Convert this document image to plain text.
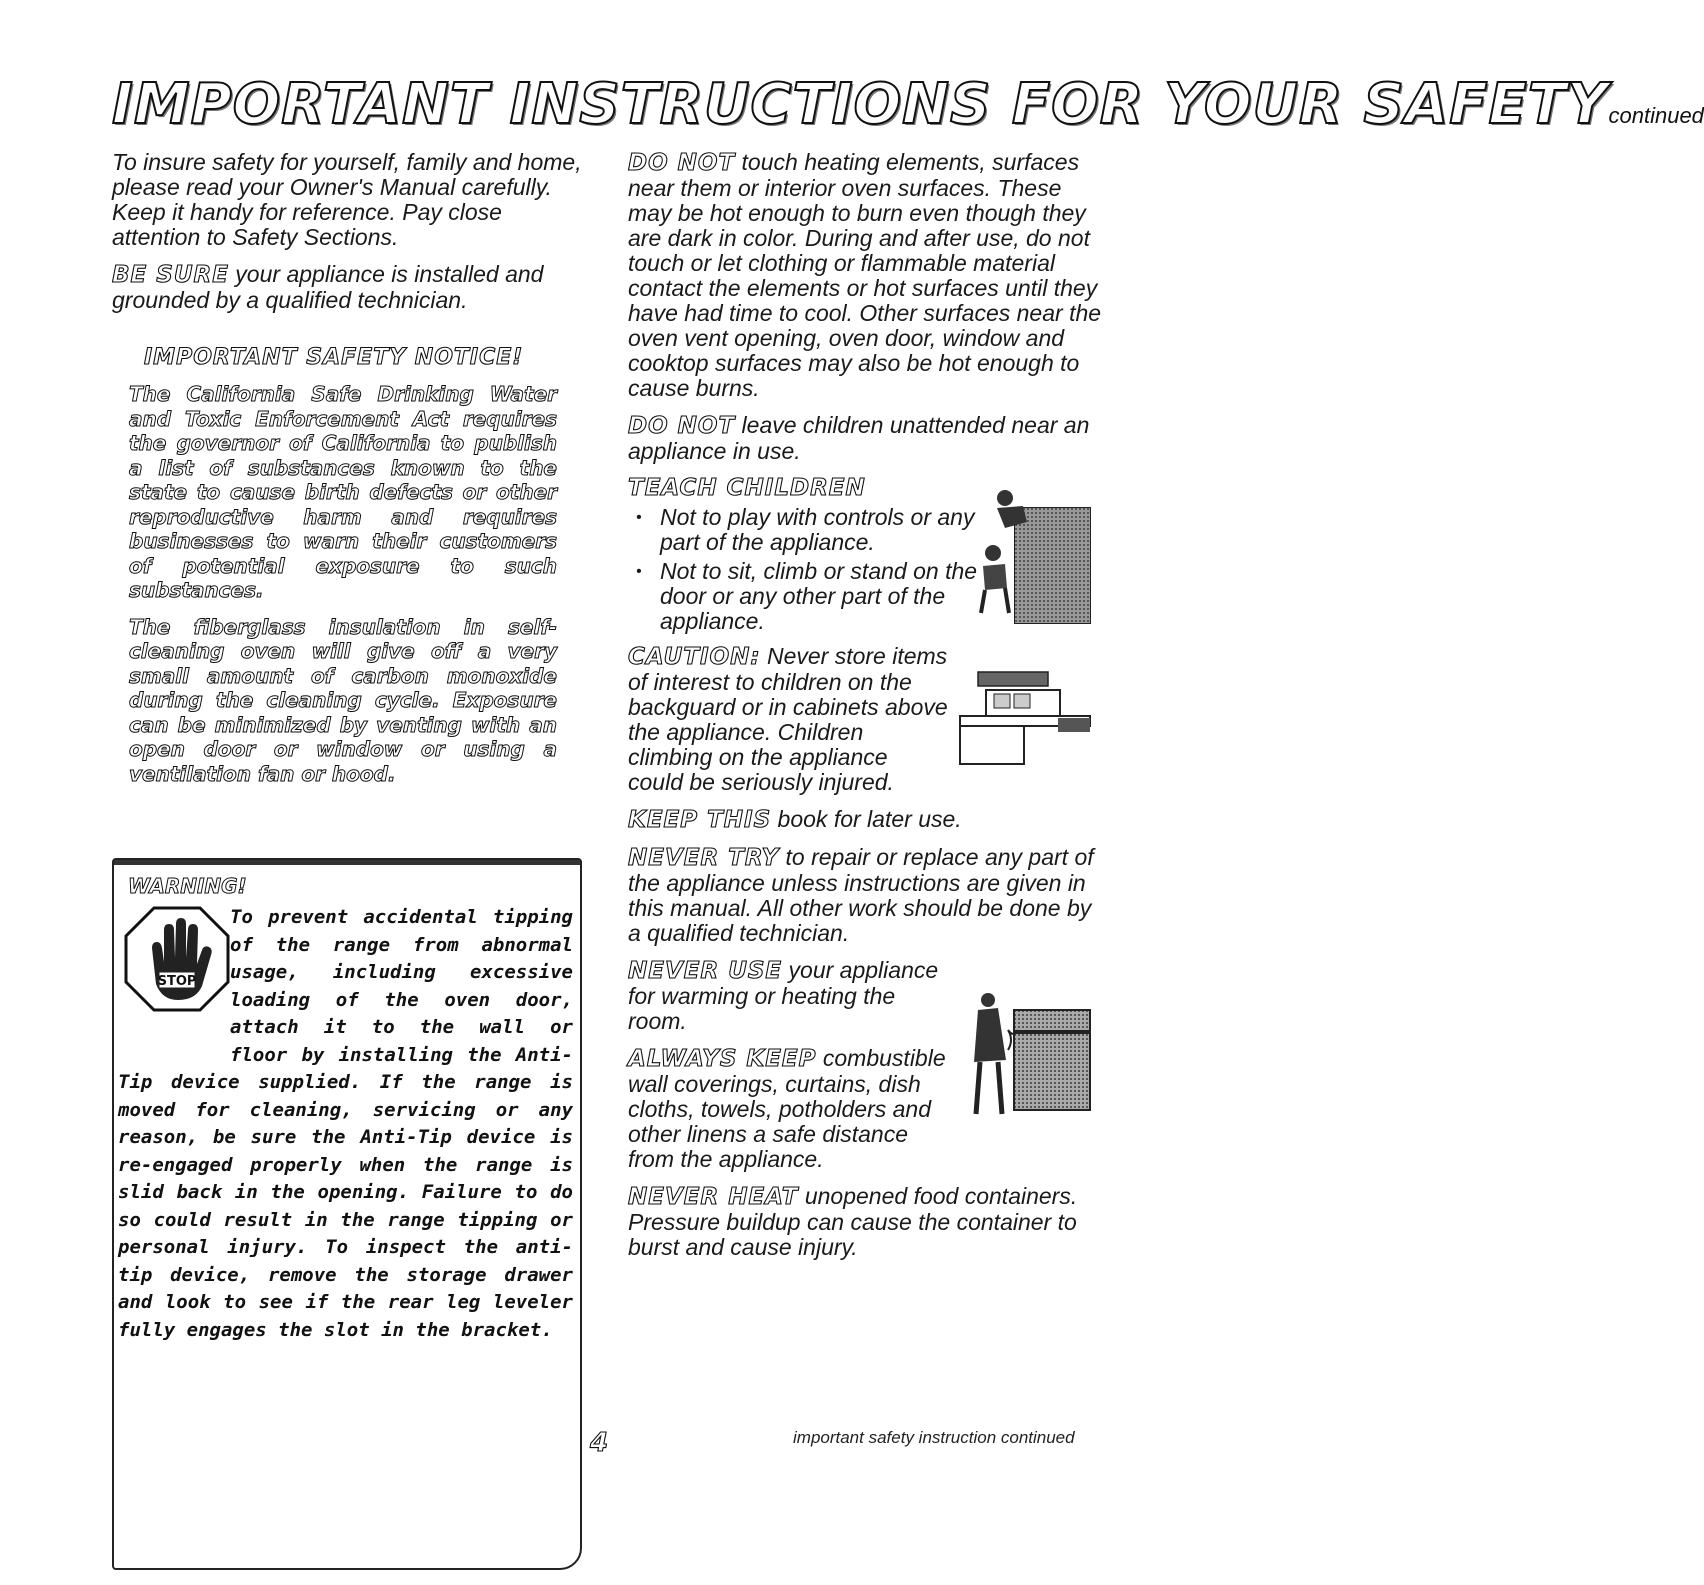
IMPORTANT INSTRUCTIONS FOR YOUR SAFETYcontinued

To insure safety for yourself, family and home, please read your Owner's Manual carefully. Keep it handy for reference. Pay close attention to Safety Sections.

BE SURE your appliance is installed and grounded by a qualified technician.

IMPORTANT SAFETY NOTICE!

The California Safe Drinking Water and Toxic Enforcement Act requires the governor of California to publish a list of substances known to the state to cause birth defects or other reproductive harm and requires businesses to warn their customers of potential exposure to such substances.

The fiberglass insulation in self-cleaning oven will give off a very small amount of carbon monoxide during the cleaning cycle. Exposure can be minimized by venting with an open door or window or using a ventilation fan or hood.

WARNING!
To prevent accidental tipping of the range from abnormal usage, including excessive loading of the oven door, attach it to the wall or floor by installing the Anti-Tip device supplied. If the range is moved for cleaning, servicing or any reason, be sure the Anti-Tip device is re-engaged properly when the range is slid back in the opening. Failure to do so could result in the range tipping or personal injury. To inspect the anti-tip device, remove the storage drawer and look to see if the rear leg leveler fully engages the slot in the bracket.
STOP

DO NOT touch heating elements, surfaces near them or interior oven surfaces. These may be hot enough to burn even though they are dark in color. During and after use, do not touch or let clothing or flammable material contact the elements or hot surfaces until they have had time to cool. Other surfaces near the oven vent opening, oven door, window and cooktop surfaces may also be hot enough to cause burns.

DO NOT leave children unattended near an appliance in use.

TEACH CHILDREN
• Not to play with controls or any part of the appliance.
• Not to sit, climb or stand on the door or any other part of the appliance.

CAUTION: Never store items of interest to children on the backguard or in cabinets above the appliance. Children climbing on the appliance could be seriously injured.

KEEP THIS book for later use.

NEVER TRY to repair or replace any part of the appliance unless instructions are given in this manual. All other work should be done by a qualified technician.

NEVER USE your appliance for warming or heating the room.

ALWAYS KEEP combustible wall coverings, curtains, dish cloths, towels, potholders and other linens a safe distance from the appliance.

NEVER HEAT unopened food containers. Pressure buildup can cause the container to burst and cause injury.

4	important safety instruction continued
